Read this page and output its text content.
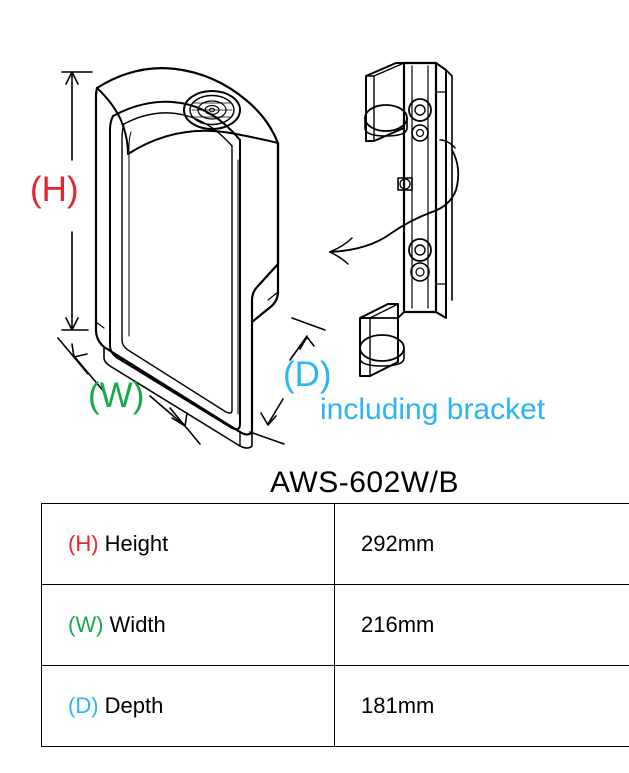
(H)
(W)
(D)
including bracket
AWS-602W/B
(H) Height	292mm
(W) Width	216mm
(D) Depth	181mm
